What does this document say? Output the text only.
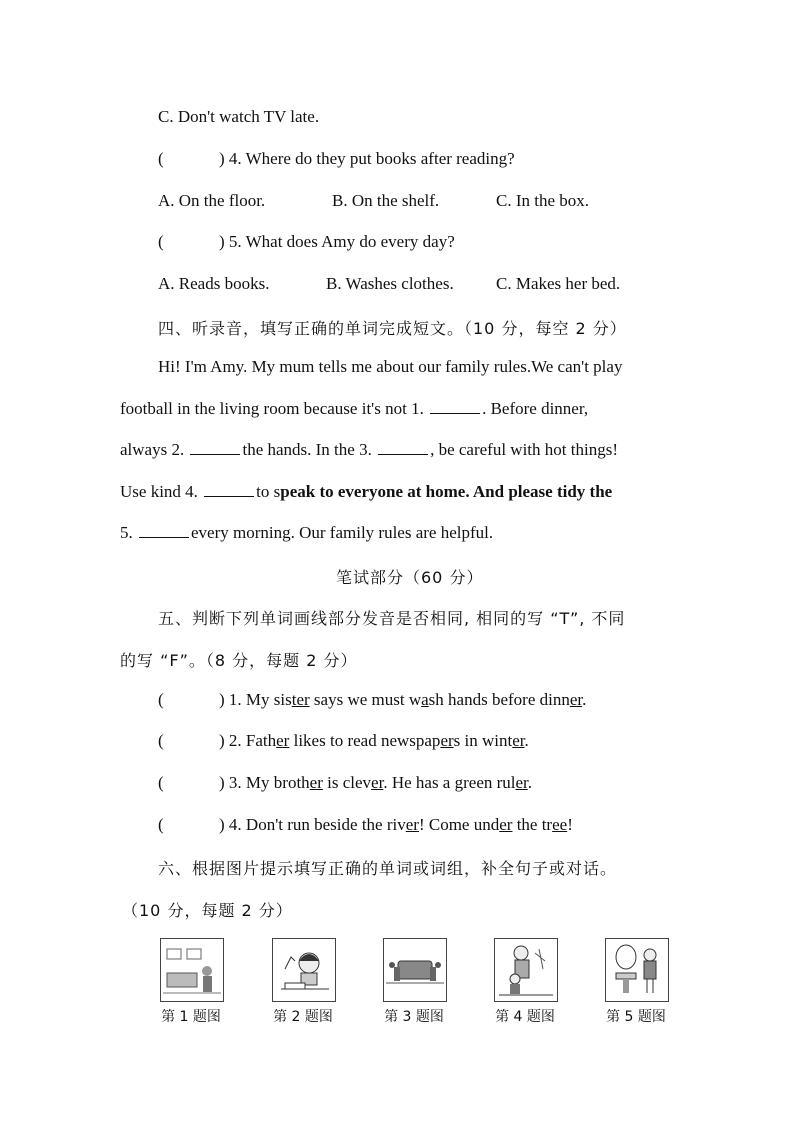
C. Don't watch TV late.
(	) 4. Where do they put books after reading?
A. On the floor.	B. On the shelf.	C. In the box.
(	) 5. What does Amy do every day?
A. Reads books.	B. Washes clothes. C. Makes her bed.
四、听录音，填写正确的单词完成短文。（10 分，每空 2 分）
Hi! I'm Amy. My mum tells me about our family rules.We can't play
football in the living room because it's not 1.	. Before dinner,
always 2.	the hands. In the 3.	, be careful with hot things!
Use kind 4.	to speak to everyone at home. And please tidy the
5.	every morning. Our family rules are helpful.
笔试部分（60 分）
五、判断下列单词画线部分发音是否相同, 相同的写 “T”, 不同
的写 “F”。（8 分，每题 2 分）
(	) 1. My sister says we must wash hands before dinner.
(	) 2. Father likes to read newspapers in winter.
(	) 3. My brother is clever. He has a green ruler.
(	) 4. Don't run beside the river! Come under the tree!
六、根据图片提示填写正确的单词或词组，补全句子或对话。
（10 分，每题 2 分）
第 1 题图	第 2 题图	第 3 题图	第 4 题图	第 5 题图
